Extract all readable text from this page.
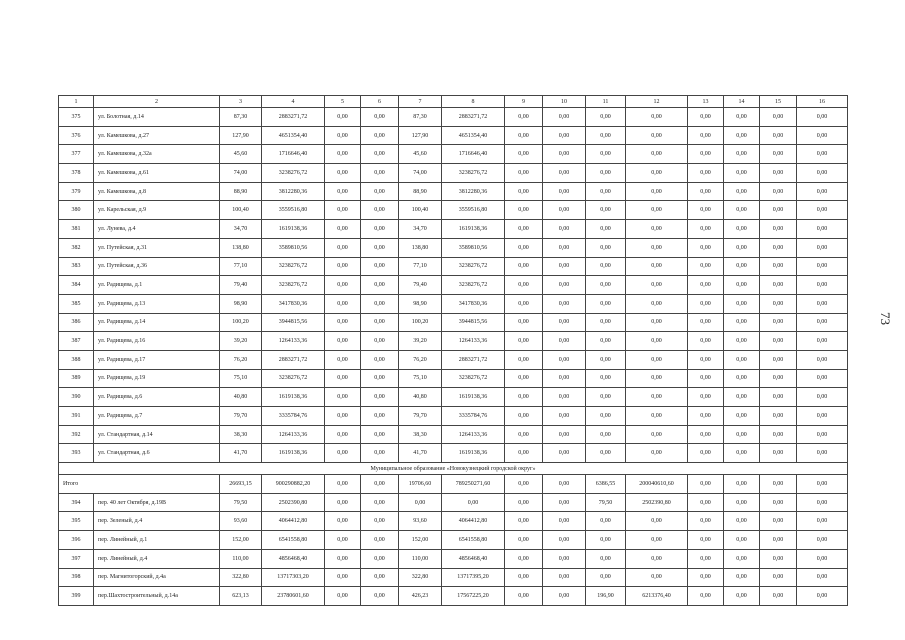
1	2	3	4	5	6	7	8	9	10	11	12	13	14	15	16
375	ул. Болотная, д.14	87,30	2883271,72	0,00	0,00	87,30	2883271,72	0,00	0,00	0,00	0,00	0,00	0,00	0,00	0,00
376	ул. Камешкова, д.27	127,90	4651354,40	0,00	0,00	127,90	4651354,40	0,00	0,00	0,00	0,00	0,00	0,00	0,00	0,00
377	ул. Камешкова, д.32а	45,60	1716646,40	0,00	0,00	45,60	1716646,40	0,00	0,00	0,00	0,00	0,00	0,00	0,00	0,00
378	ул. Камешкова, д.61	74,00	3238276,72	0,00	0,00	74,00	3238276,72	0,00	0,00	0,00	0,00	0,00	0,00	0,00	0,00
379	ул. Камешкова, д.8	88,90	3812280,36	0,00	0,00	88,90	3812280,36	0,00	0,00	0,00	0,00	0,00	0,00	0,00	0,00
380	ул. Карельская, д.9	100,40	3559516,80	0,00	0,00	100,40	3559516,80	0,00	0,00	0,00	0,00	0,00	0,00	0,00	0,00
381	ул. Лунева, д.4	34,70	1619138,36	0,00	0,00	34,70	1619138,36	0,00	0,00	0,00	0,00	0,00	0,00	0,00	0,00
382	ул. Путейская, д.31	138,80	3589810,56	0,00	0,00	138,80	3589810,56	0,00	0,00	0,00	0,00	0,00	0,00	0,00	0,00
383	ул. Путейская, д.36	77,10	3238276,72	0,00	0,00	77,10	3238276,72	0,00	0,00	0,00	0,00	0,00	0,00	0,00	0,00
384	ул. Радищева, д.1	79,40	3238276,72	0,00	0,00	79,40	3238276,72	0,00	0,00	0,00	0,00	0,00	0,00	0,00	0,00
385	ул. Радищева, д.13	98,90	3417830,36	0,00	0,00	98,90	3417830,36	0,00	0,00	0,00	0,00	0,00	0,00	0,00	0,00
386	ул. Радищева, д.14	100,20	3944815,56	0,00	0,00	100,20	3944815,56	0,00	0,00	0,00	0,00	0,00	0,00	0,00	0,00
387	ул. Радищева, д.16	39,20	1264133,36	0,00	0,00	39,20	1264133,36	0,00	0,00	0,00	0,00	0,00	0,00	0,00	0,00
388	ул. Радищева, д.17	76,20	2883271,72	0,00	0,00	76,20	2883271,72	0,00	0,00	0,00	0,00	0,00	0,00	0,00	0,00
389	ул. Радищева, д.19	75,10	3238276,72	0,00	0,00	75,10	3238276,72	0,00	0,00	0,00	0,00	0,00	0,00	0,00	0,00
390	ул. Радищева, д.6	40,80	1619138,36	0,00	0,00	40,80	1619138,36	0,00	0,00	0,00	0,00	0,00	0,00	0,00	0,00
391	ул. Радищева, д.7	79,70	3335784,76	0,00	0,00	79,70	3335784,76	0,00	0,00	0,00	0,00	0,00	0,00	0,00	0,00
392	ул. Стандартная, д.14	38,30	1264133,36	0,00	0,00	38,30	1264133,36	0,00	0,00	0,00	0,00	0,00	0,00	0,00	0,00
393	ул. Стандартная, д.6	41,70	1619138,36	0,00	0,00	41,70	1619138,36	0,00	0,00	0,00	0,00	0,00	0,00	0,00	0,00
Муниципальное образование «Новокузнецкий городской округ»															
Итого		26693,15	900290882,20	0,00	0,00	19706,60	789250271,60	0,00	0,00	6386,55	200040610,60	0,00	0,00	0,00	0,00
394	пер. 40 лет Октября, д.19В	79,50	2502390,80	0,00	0,00	0,00	0,00	0,00	0,00	79,50	2502390,80	0,00	0,00	0,00	0,00
395	пер. Зеленый, д.4	93,60	4064412,80	0,00	0,00	93,60	4064412,80	0,00	0,00	0,00	0,00	0,00	0,00	0,00	0,00
396	пер. Линейный, д.1	152,00	6541558,80	0,00	0,00	152,00	6541558,80	0,00	0,00	0,00	0,00	0,00	0,00	0,00	0,00
397	пер. Линейный, д.4	110,00	4856468,40	0,00	0,00	110,00	4856468,40	0,00	0,00	0,00	0,00	0,00	0,00	0,00	0,00
398	пер. Магнитогорский, д.4а	322,80	13717303,20	0,00	0,00	322,80	13717395,20	0,00	0,00	0,00	0,00	0,00	0,00	0,00	0,00
399	пер.Шахтостроительный, д.14а	623,13	23780601,60	0,00	0,00	426,23	17567225,20	0,00	0,00	196,90	6213376,40	0,00	0,00	0,00	0,00
73
